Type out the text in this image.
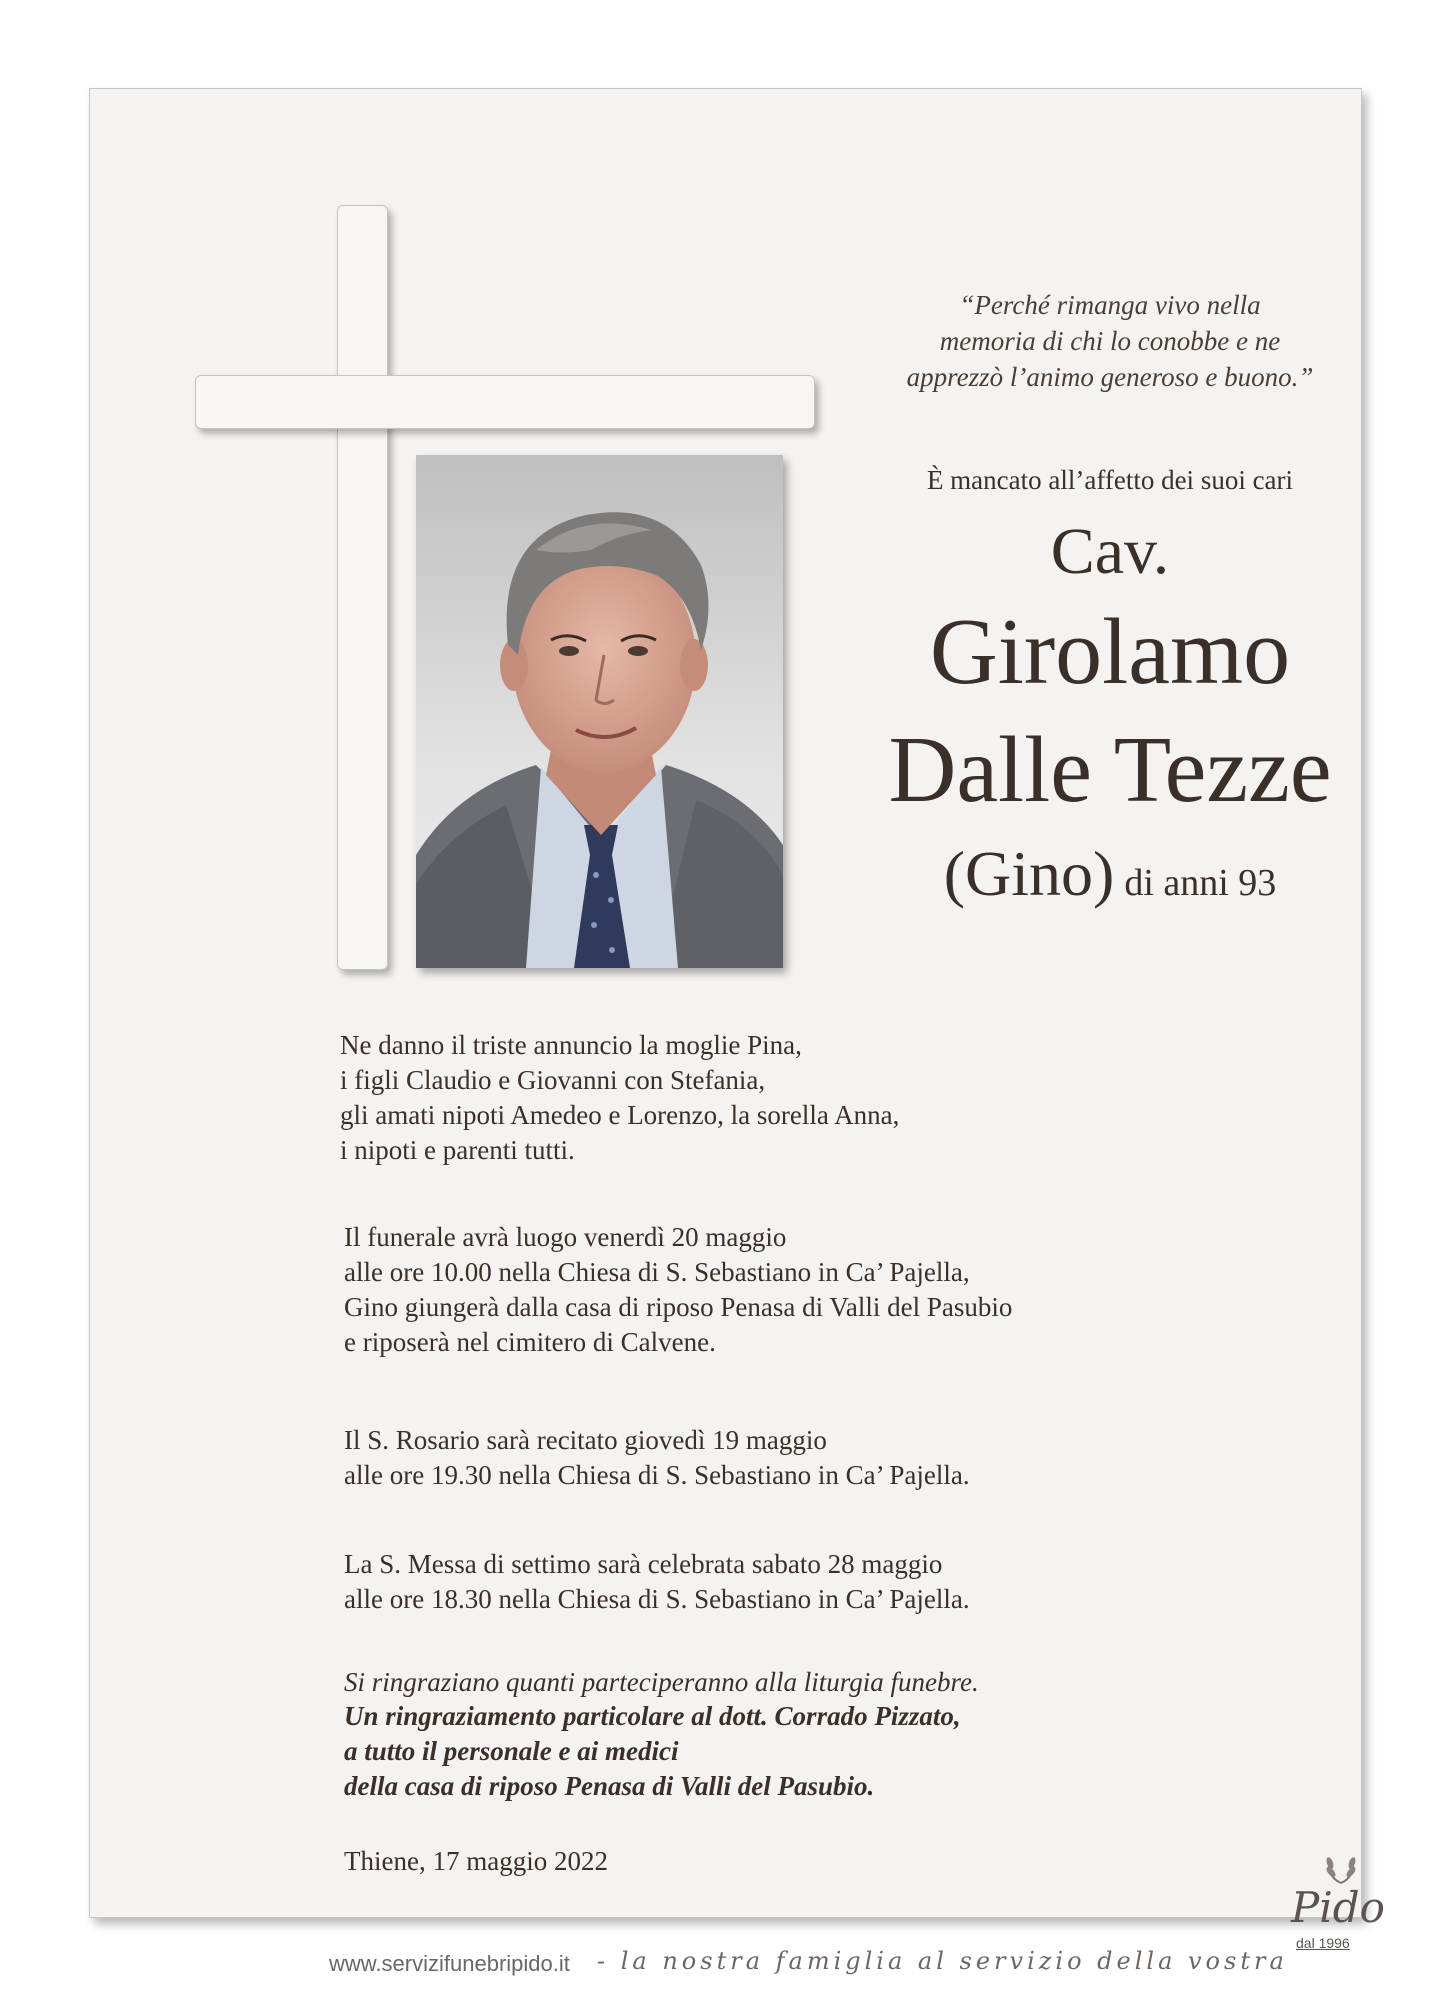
“Perché rimanga vivo nella
memoria di chi lo conobbe e ne
apprezzò l’animo generoso e buono.”

È mancato all’affetto dei suoi cari

Cav.

Girolamo

Dalle Tezze

(Gino) di anni 93

Ne danno il triste annuncio la moglie Pina,
i figli Claudio e Giovanni con Stefania,
gli amati nipoti Amedeo e Lorenzo, la sorella Anna,
i nipoti e parenti tutti.

Il funerale avrà luogo venerdì 20 maggio
alle ore 10.00 nella Chiesa di S. Sebastiano in Ca’ Pajella,
Gino giungerà dalla casa di riposo Penasa di Valli del Pasubio
e riposerà nel cimitero di Calvene.

Il S. Rosario sarà recitato giovedì 19 maggio
alle ore 19.30 nella Chiesa di S. Sebastiano in Ca’ Pajella.

La S. Messa di settimo sarà celebrata sabato 28 maggio
alle ore 18.30 nella Chiesa di S. Sebastiano in Ca’ Pajella.

Si ringraziano quanti parteciperanno alla liturgia funebre.

Un ringraziamento particolare al dott. Corrado Pizzato,
a tutto il personale e ai medici
della casa di riposo Penasa di Valli del Pasubio.

Thiene, 17 maggio 2022

www.servizifunebripido.it - la nostra famiglia al servizio della vostra

Pido

dal 1996
